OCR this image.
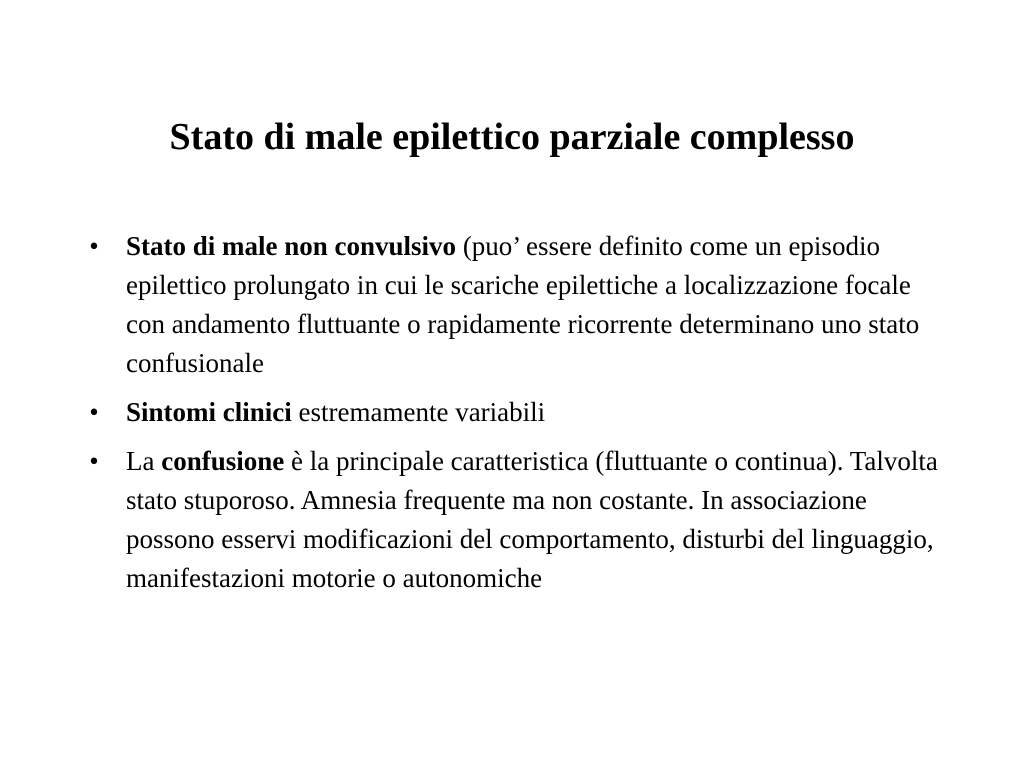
Stato di male epilettico parziale complesso
• Stato di male non convulsivo (puo’ essere definito come un episodio epilettico prolungato in cui le scariche epilettiche a localizzazione focale con andamento fluttuante o rapidamente ricorrente determinano uno stato confusionale
• Sintomi clinici estremamente variabili
• La confusione è la principale caratteristica (fluttuante o continua). Talvolta stato stuporoso. Amnesia frequente ma non costante. In associazione possono esservi modificazioni del comportamento, disturbi del linguaggio, manifestazioni motorie o autonomiche
